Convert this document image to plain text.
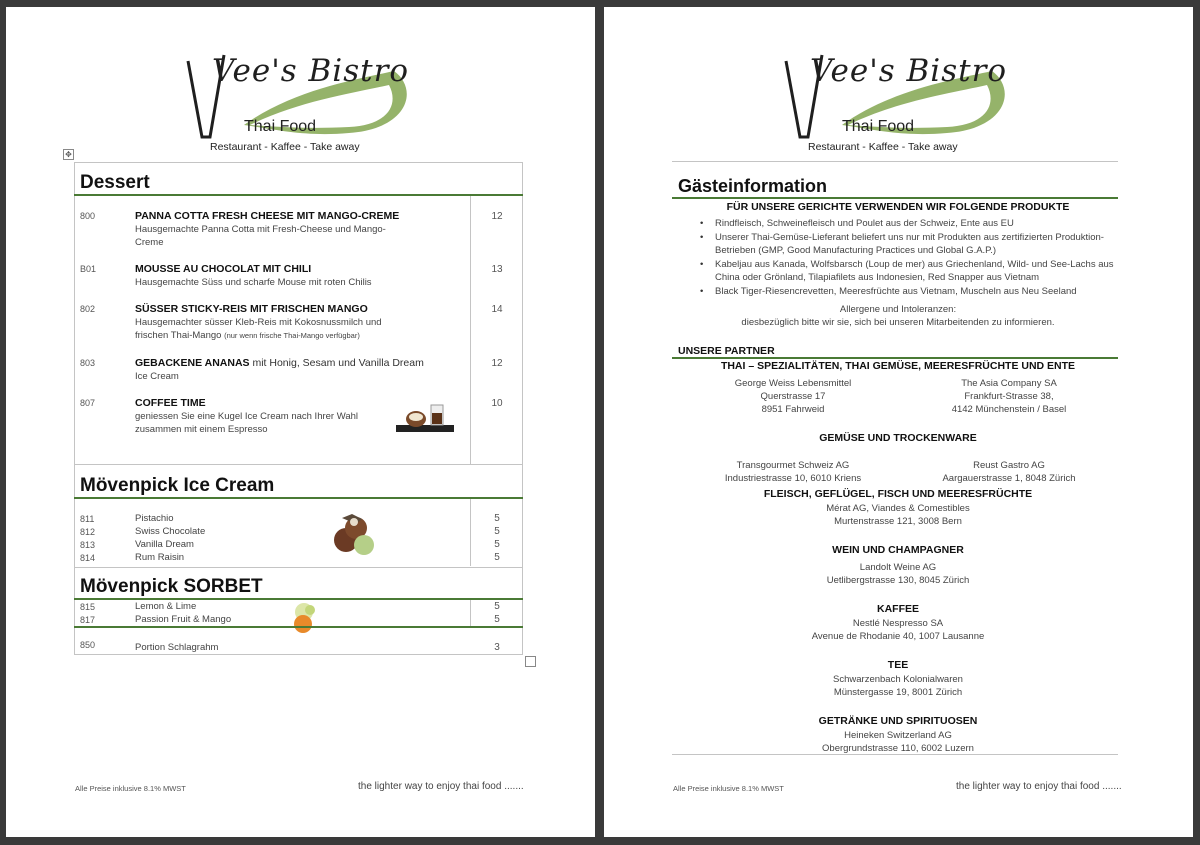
Vee's Bistro
Thai Food
Restaurant - Kaffee - Take away
✥
Dessert
800	PANNA COTTA FRESH CHEESE MIT MANGO-CREME
Hausgemachte Panna Cotta mit Fresh-Cheese und Mango-Creme
12
B01	MOUSSE AU CHOCOLAT MIT CHILI
Hausgemachte Süss und scharfe Mouse mit roten Chilis
13
802	SÜSSER STICKY-REIS MIT FRISCHEN MANGO
Hausgemachter süsser Kleb-Reis mit Kokosnussmilch und frischen Thai-Mango (nur wenn frische Thai-Mango verfügbar)
14
803	GEBACKENE ANANAS mit Honig, Sesam und Vanilla Dream
Ice Cream
12
807	COFFEE TIME
geniessen Sie eine Kugel Ice Cream nach Ihrer Wahl zusammen mit einem Espresso
10
Mövenpick Ice Cream
811	Pistachio	5
812	Swiss Chocolate	5
813	Vanilla Dream	5
814	Rum Raisin	5
Mövenpick SORBET
815	Lemon & Lime	5
817	Passion Fruit & Mango	5
850	Portion Schlagrahm	3
Alle Preise inklusive 8.1% MWST	the lighter way to enjoy thai food .......
Vee's Bistro
Thai Food
Restaurant - Kaffee - Take away
Gästeinformation
FÜR UNSERE GERICHTE VERWENDEN WIR FOLGENDE PRODUKTE
• Rindfleisch, Schweinefleisch und Poulet aus der Schweiz, Ente aus EU
• Unserer Thai-Gemüse-Lieferant beliefert uns nur mit Produkten aus zertifizierten Produktion-Betrieben (GMP, Good Manufacturing Practices und Global G.A.P.)
• Kabeljau aus Kanada, Wolfsbarsch (Loup de mer) aus Griechenland, Wild- und See-Lachs aus China oder Grönland, Tilapiafilets aus Indonesien, Red Snapper aus Vietnam
• Black Tiger-Riesencrevetten, Meeresfrüchte aus Vietnam, Muscheln aus Neu Seeland
Allergene und Intoleranzen:
diesbezüglich bitte wir sie, sich bei unseren Mitarbeitenden zu informieren.
UNSERE PARTNER
THAI – SPEZIALITÄTEN, THAI GEMÜSE, MEERESFRÜCHTE UND ENTE
George Weiss Lebensmittel
Querstrasse 17
8951 Fahrweid
The Asia Company SA
Frankfurt-Strasse 38,
4142 Münchenstein / Basel
GEMÜSE UND TROCKENWARE
Transgourmet Schweiz AG
Industriestrasse 10, 6010 Kriens
Reust Gastro AG
Aargauerstrasse 1, 8048 Zürich
FLEISCH, GEFLÜGEL, FISCH UND MEERESFRÜCHTE
Mérat AG, Viandes & Comestibles
Murtenstrasse 121, 3008 Bern
WEIN UND CHAMPAGNER
Landolt Weine AG
Uetlibergstrasse 130, 8045 Zürich
KAFFEE
Nestlé Nespresso SA
Avenue de Rhodanie 40, 1007 Lausanne
TEE
Schwarzenbach Kolonialwaren
Münstergasse 19, 8001 Zürich
GETRÄNKE UND SPIRITUOSEN
Heineken Switzerland AG
Obergrundstrasse 110, 6002 Luzern
Alle Preise inklusive 8.1% MWST	the lighter way to enjoy thai food .......
